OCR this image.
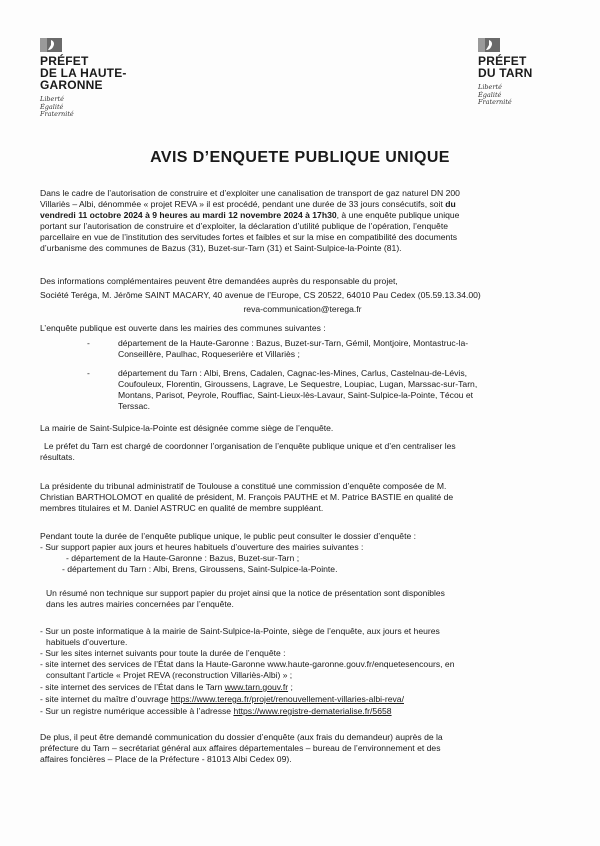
PRÉFET
DE LA HAUTE-
GARONNE
Liberté
Égalité
Fraternité
PRÉFET
DU TARN
Liberté
Égalité
Fraternité
AVIS D’ENQUETE PUBLIQUE UNIQUE
Dans le cadre de l’autorisation de construire et d’exploiter une canalisation de transport de gaz naturel DN 200
Villariès – Albi, dénommée « projet REVA » il est procédé, pendant une durée de 33 jours consécutifs, soit du
vendredi 11 octobre 2024 à 9 heures au mardi 12 novembre 2024 à 17h30, à une enquête publique unique
portant sur l’autorisation de construire et d’exploiter, la déclaration d’utilité publique de l’opération, l’enquête
parcellaire en vue de l’institution des servitudes fortes et faibles et sur la mise en compatibilité des documents
d’urbanisme des communes de Bazus (31), Buzet-sur-Tarn (31) et Saint-Sulpice-la-Pointe (81).
Des informations complémentaires peuvent être demandées auprès du responsable du projet,
Société Teréga, M. Jérôme SAINT MACARY, 40 avenue de l’Europe, CS 20522, 64010 Pau Cedex (05.59.13.34.00)
reva-communication@terega.fr
L’enquête publique est ouverte dans les mairies des communes suivantes :
-	département de la Haute-Garonne : Bazus, Buzet-sur-Tarn, Gémil, Montjoire, Montastruc-la-
Conseillère, Paulhac, Roqueserière et Villariès ;
-	département du Tarn : Albi, Brens, Cadalen, Cagnac-les-Mines, Carlus, Castelnau-de-Lévis,
Coufouleux, Florentin, Giroussens, Lagrave, Le Sequestre, Loupiac, Lugan, Marssac-sur-Tarn,
Montans, Parisot, Peyrole, Rouffiac, Saint-Lieux-lès-Lavaur, Saint-Sulpice-la-Pointe, Técou et
Terssac.
La mairie de Saint-Sulpice-la-Pointe est désignée comme siège de l’enquête.
Le préfet du Tarn est chargé de coordonner l’organisation de l’enquête publique unique et d’en centraliser les
résultats.
La présidente du tribunal administratif de Toulouse a constitué une commission d’enquête composée de M.
Christian BARTHOLOMOT en qualité de président, M. François PAUTHE et M. Patrice BASTIE en qualité de
membres titulaires et M. Daniel ASTRUC en qualité de membre suppléant.
Pendant toute la durée de l’enquête publique unique, le public peut consulter le dossier d’enquête :
- Sur support papier aux jours et heures habituels d’ouverture des mairies suivantes :
- département de la Haute-Garonne : Bazus, Buzet-sur-Tarn ;
- département du Tarn : Albi, Brens, Giroussens, Saint-Sulpice-la-Pointe.
Un résumé non technique sur support papier du projet ainsi que la notice de présentation sont disponibles
dans les autres mairies concernées par l’enquête.
- Sur un poste informatique à la mairie de Saint-Sulpice-la-Pointe, siège de l’enquête, aux jours et heures
habituels d’ouverture.
- Sur les sites internet suivants pour toute la durée de l’enquête :
- site internet des services de l’État dans la Haute-Garonne www.haute-garonne.gouv.fr/enquetesencours, en
consultant l’article « Projet REVA (reconstruction Villariès-Albi) » ;
- site internet des services de l’État dans le Tarn www.tarn.gouv.fr ;
- site internet du maître d’ouvrage https://www.terega.fr/projet/renouvellement-villaries-albi-reva/
- Sur un registre numérique accessible à l’adresse https://www.registre-dematerialise.fr/5658
De plus, il peut être demandé communication du dossier d’enquête (aux frais du demandeur) auprès de la
préfecture du Tarn – secrétariat général aux affaires départementales – bureau de l’environnement et des
affaires foncières – Place de la Préfecture - 81013 Albi Cedex 09).
